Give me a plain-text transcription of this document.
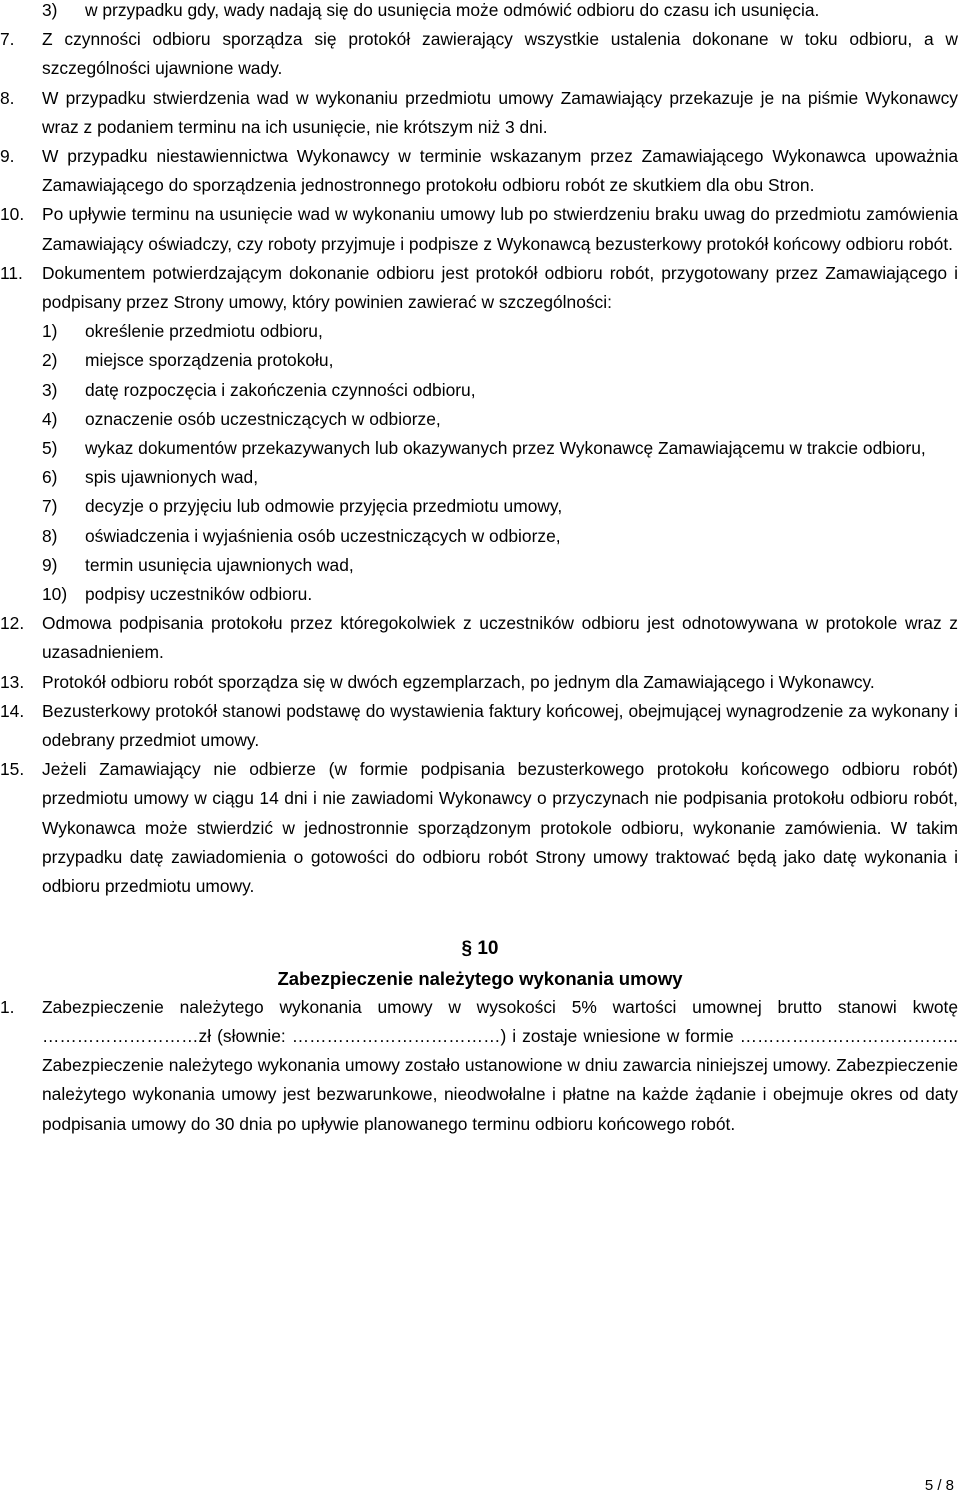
3) w przypadku gdy, wady nadają się do usunięcia może odmówić odbioru do czasu ich usunięcia.
7. Z czynności odbioru sporządza się protokół zawierający wszystkie ustalenia dokonane w toku odbioru, a w szczególności ujawnione wady.
8. W przypadku stwierdzenia wad w wykonaniu przedmiotu umowy Zamawiający przekazuje je na piśmie Wykonawcy wraz z podaniem terminu na ich usunięcie, nie krótszym niż 3 dni.
9. W przypadku niestawiennictwa Wykonawcy w terminie wskazanym przez Zamawiającego Wykonawca upoważnia Zamawiającego do sporządzenia jednostronnego protokołu odbioru robót ze skutkiem dla obu Stron.
10. Po upływie terminu na usunięcie wad w wykonaniu umowy lub po stwierdzeniu braku uwag do przedmiotu zamówienia Zamawiający oświadczy, czy roboty przyjmuje i podpisze z Wykonawcą bezusterkowy protokół końcowy odbioru robót.
11. Dokumentem potwierdzającym dokonanie odbioru jest protokół odbioru robót, przygotowany przez Zamawiającego i podpisany przez Strony umowy, który powinien zawierać w szczególności:
1) określenie przedmiotu odbioru,
2) miejsce sporządzenia protokołu,
3) datę rozpoczęcia i zakończenia czynności odbioru,
4) oznaczenie osób uczestniczących w odbiorze,
5) wykaz dokumentów przekazywanych lub okazywanych przez Wykonawcę Zamawiającemu w trakcie odbioru,
6) spis ujawnionych wad,
7) decyzje o przyjęciu lub odmowie przyjęcia przedmiotu umowy,
8) oświadczenia i wyjaśnienia osób uczestniczących w odbiorze,
9) termin usunięcia ujawnionych wad,
10) podpisy uczestników odbioru.
12. Odmowa podpisania protokołu przez któregokolwiek z uczestników odbioru jest odnotowywana w protokole wraz z uzasadnieniem.
13. Protokół odbioru robót sporządza się w dwóch egzemplarzach, po jednym dla Zamawiającego i Wykonawcy.
14. Bezusterkowy protokół stanowi podstawę do wystawienia faktury końcowej, obejmującej wynagrodzenie za wykonany i odebrany przedmiot umowy.
15. Jeżeli Zamawiający nie odbierze (w formie podpisania bezusterkowego protokołu końcowego odbioru robót) przedmiotu umowy w ciągu 14 dni i nie zawiadomi Wykonawcy o przyczynach nie podpisania protokołu odbioru robót, Wykonawca może stwierdzić w jednostronnie sporządzonym protokole odbioru, wykonanie zamówienia. W takim przypadku datę zawiadomienia o gotowości do odbioru robót Strony umowy traktować będą jako datę wykonania i odbioru przedmiotu umowy.
§ 10
Zabezpieczenie należytego wykonania umowy
1. Zabezpieczenie należytego wykonania umowy w wysokości 5% wartości umownej brutto stanowi kwotę ………………………zł (słownie: ………………………………) i zostaje wniesione w formie ……………………………….. Zabezpieczenie należytego wykonania umowy zostało ustanowione w dniu zawarcia niniejszej umowy. Zabezpieczenie należytego wykonania umowy jest bezwarunkowe, nieodwołalne i płatne na każde żądanie i obejmuje okres od daty podpisania umowy do 30 dnia po upływie planowanego terminu odbioru końcowego robót.
5 / 8
